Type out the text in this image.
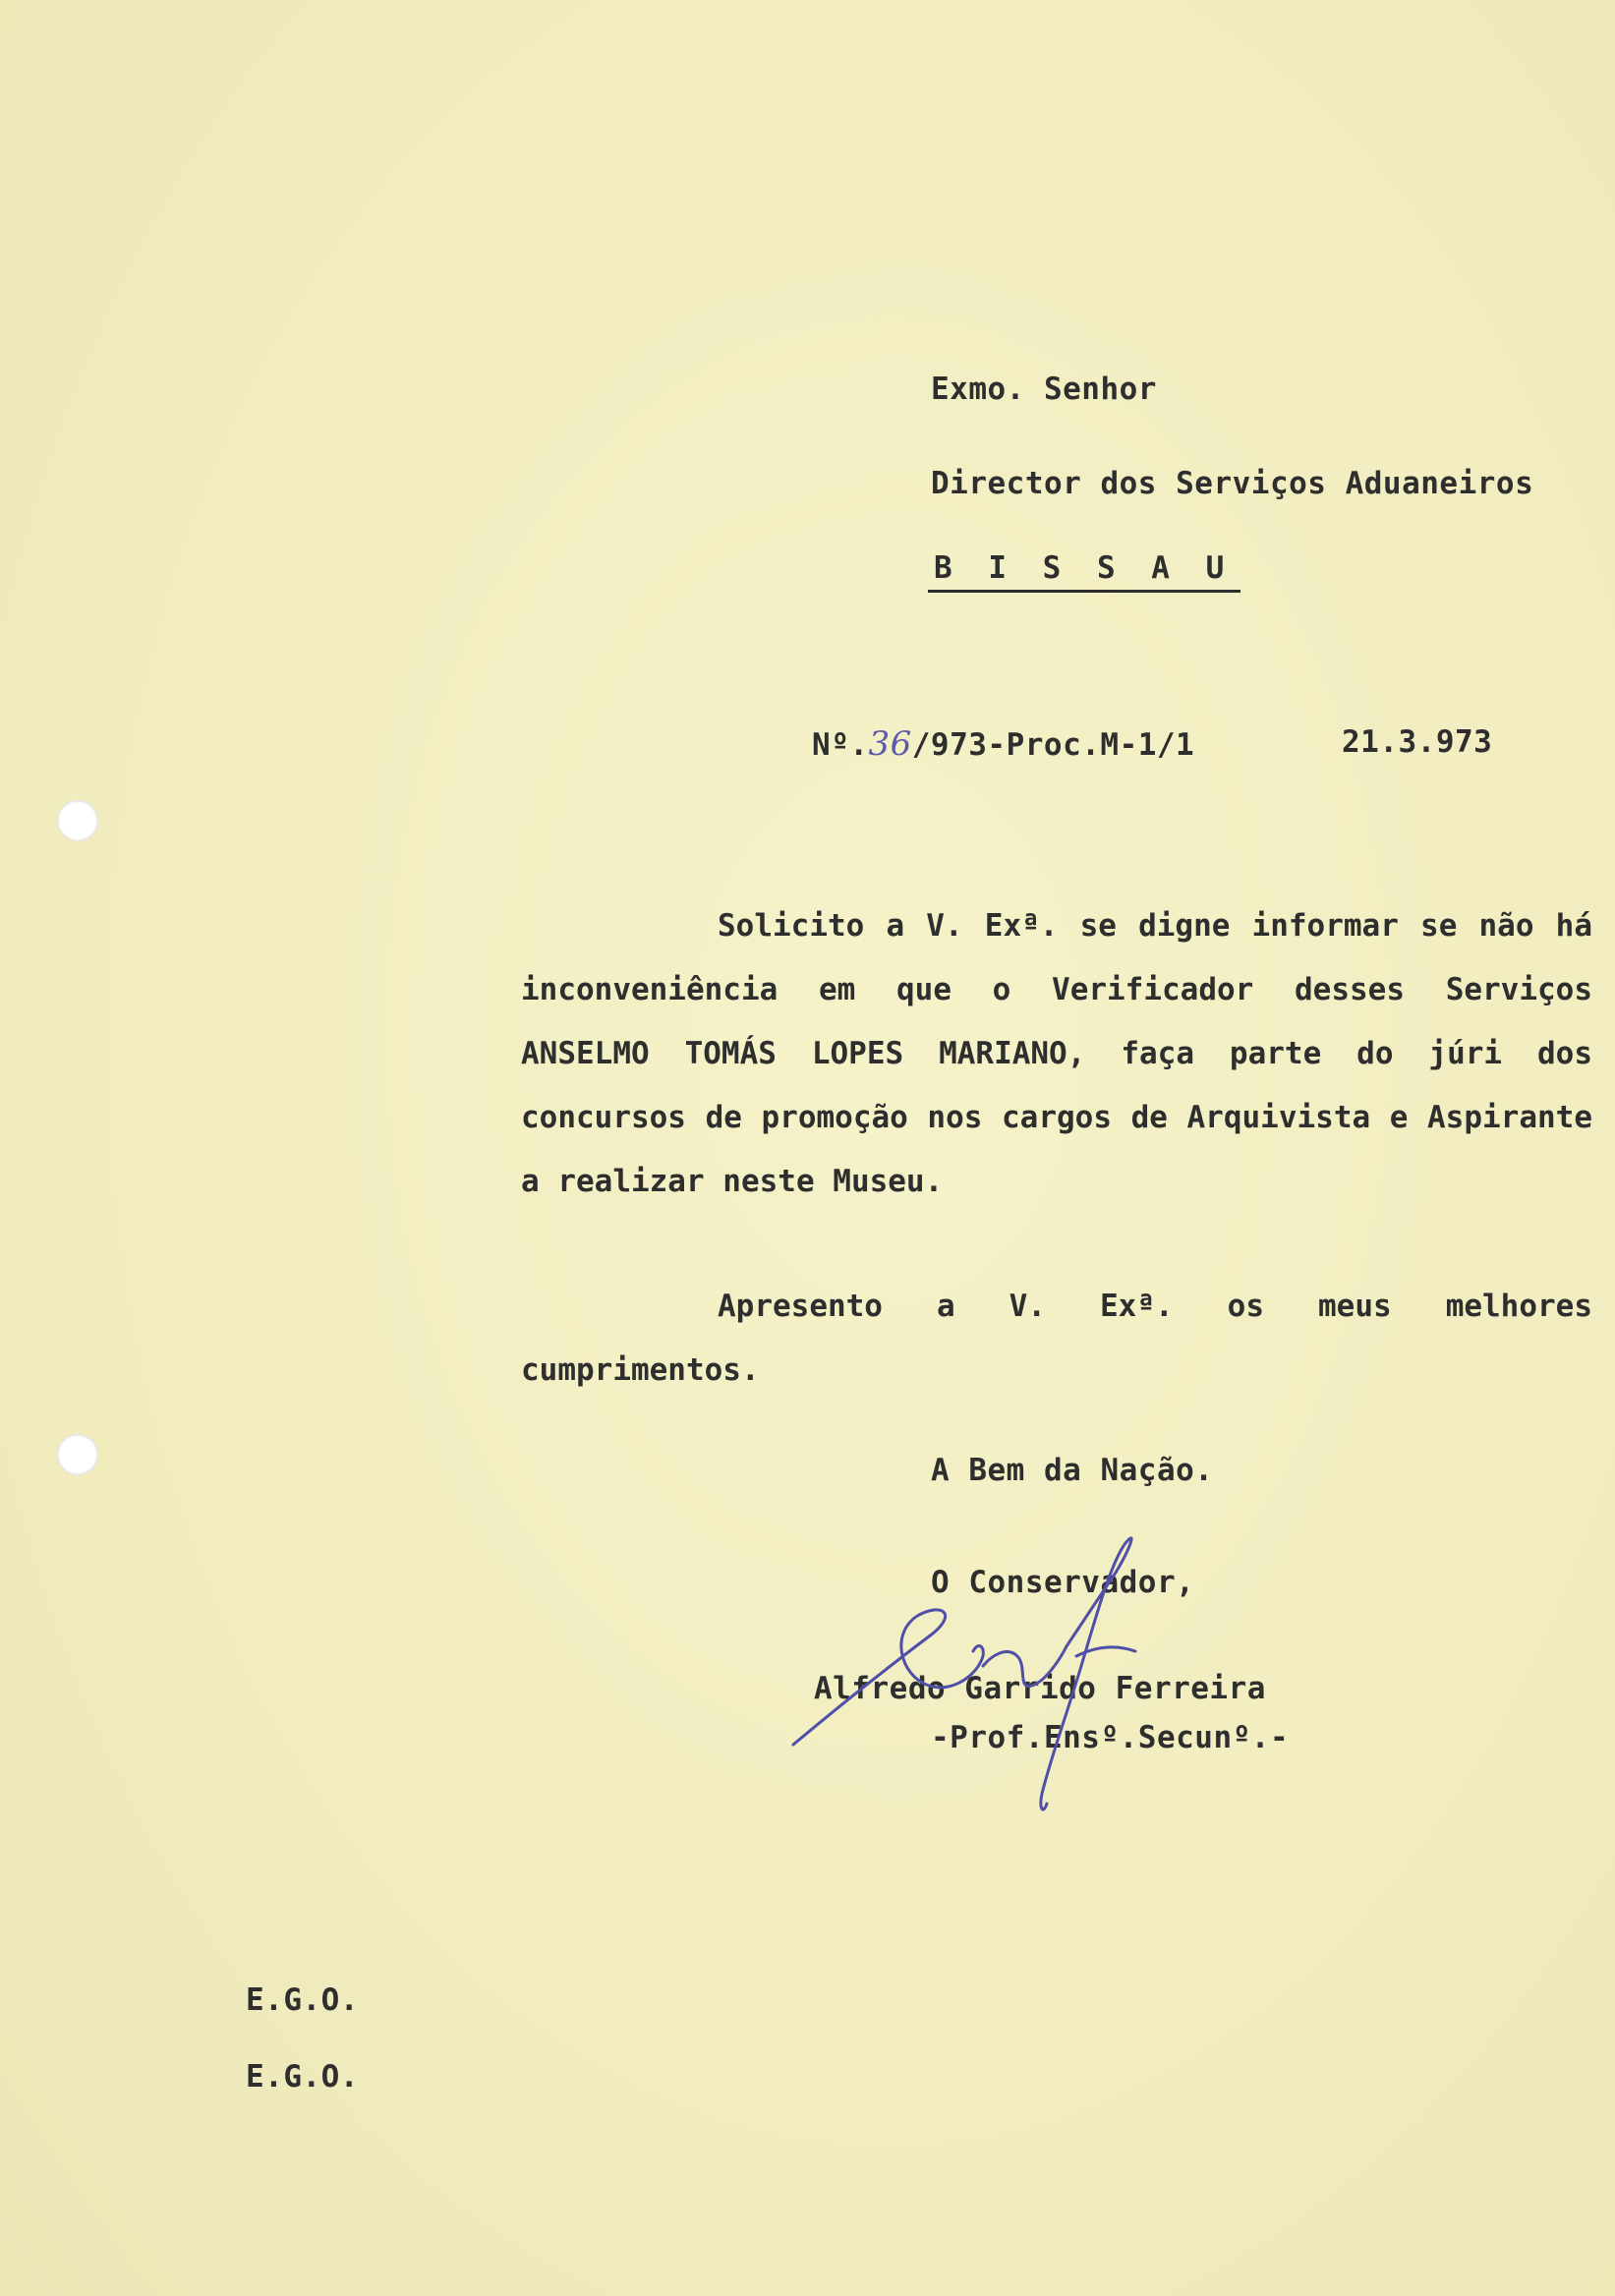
Exmo. Senhor

Director dos Serviços Aduaneiros

B I S S A U

Nº.36/973-Proc.M-1/1	21.3.973

Solicito a V. Exª. se digne informar se não há inconveniência em que o Verificador desses Serviços ANSELMO TOMÁS LOPES MARIANO, faça parte do júri dos concursos de promoção nos cargos de Arquivista e Aspirante a realizar neste Museu.

Apresento a V. Exª. os meus melhores cumprimentos.

A Bem da Nação.

O Conservador,

Alfredo Garrido Ferreira

-Prof.Ensº.Secunº.-

E.G.O.

E.G.O.
